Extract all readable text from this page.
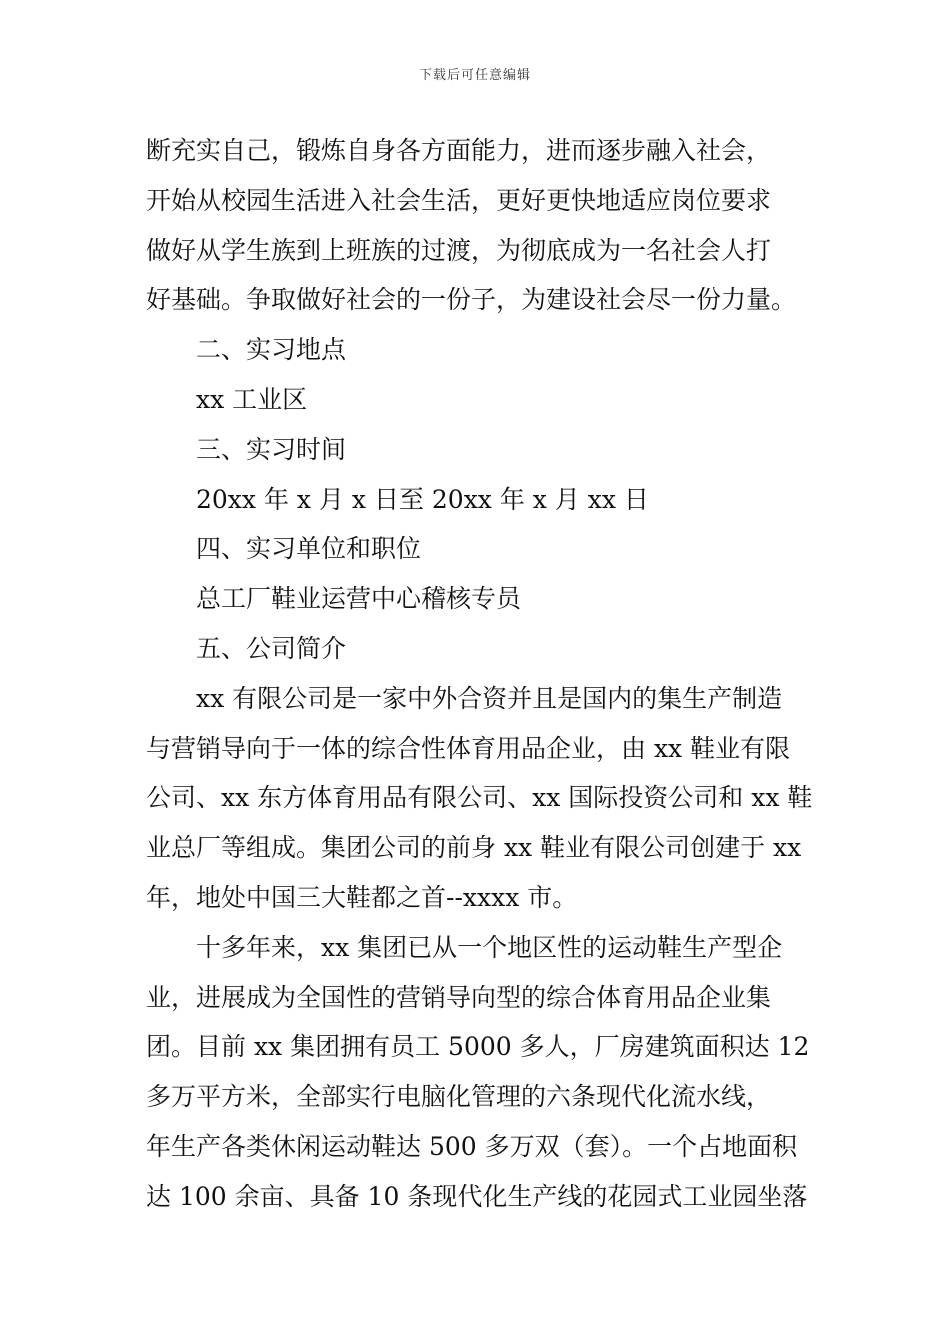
下载后可任意编辑
断充实自己，锻炼自身各方面能力，进而逐步融入社会，
开始从校园生活进入社会生活，更好更快地适应岗位要求
做好从学生族到上班族的过渡，为彻底成为一名社会人打
好基础。争取做好社会的一份子，为建设社会尽一份力量。
二、实习地点
xx 工业区
三、实习时间
20xx 年 x 月 x 日至 20xx 年 x 月 xx 日
四、实习单位和职位
总工厂鞋业运营中心稽核专员
五、公司简介
xx 有限公司是一家中外合资并且是国内的集生产制造
与营销导向于一体的综合性体育用品企业，由 xx 鞋业有限
公司、xx 东方体育用品有限公司、xx 国际投资公司和 xx 鞋
业总厂等组成。集团公司的前身 xx 鞋业有限公司创建于 xx
年，地处中国三大鞋都之首--xxxx 市。
十多年来，xx 集团已从一个地区性的运动鞋生产型企
业，进展成为全国性的营销导向型的综合体育用品企业集
团。目前 xx 集团拥有员工 5000 多人，厂房建筑面积达 12
多万平方米，全部实行电脑化管理的六条现代化流水线，
年生产各类休闲运动鞋达 500 多万双（套）。一个占地面积
达 100 余亩、具备 10 条现代化生产线的花园式工业园坐落
